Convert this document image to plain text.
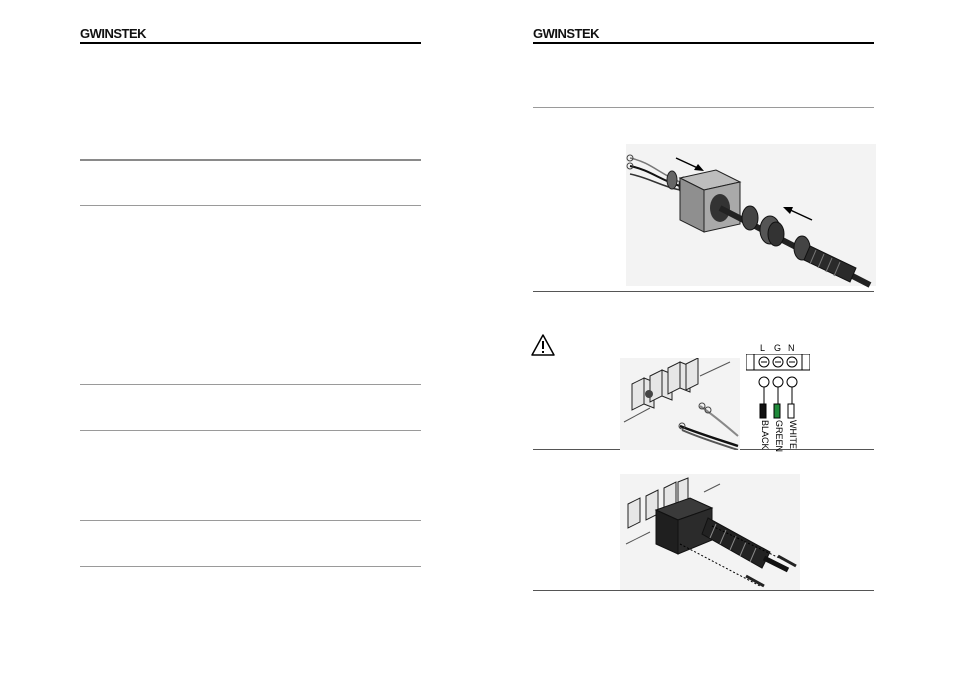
GWINSTEK	GWINSTEK
L G N
BLACK GREEN WHITE
